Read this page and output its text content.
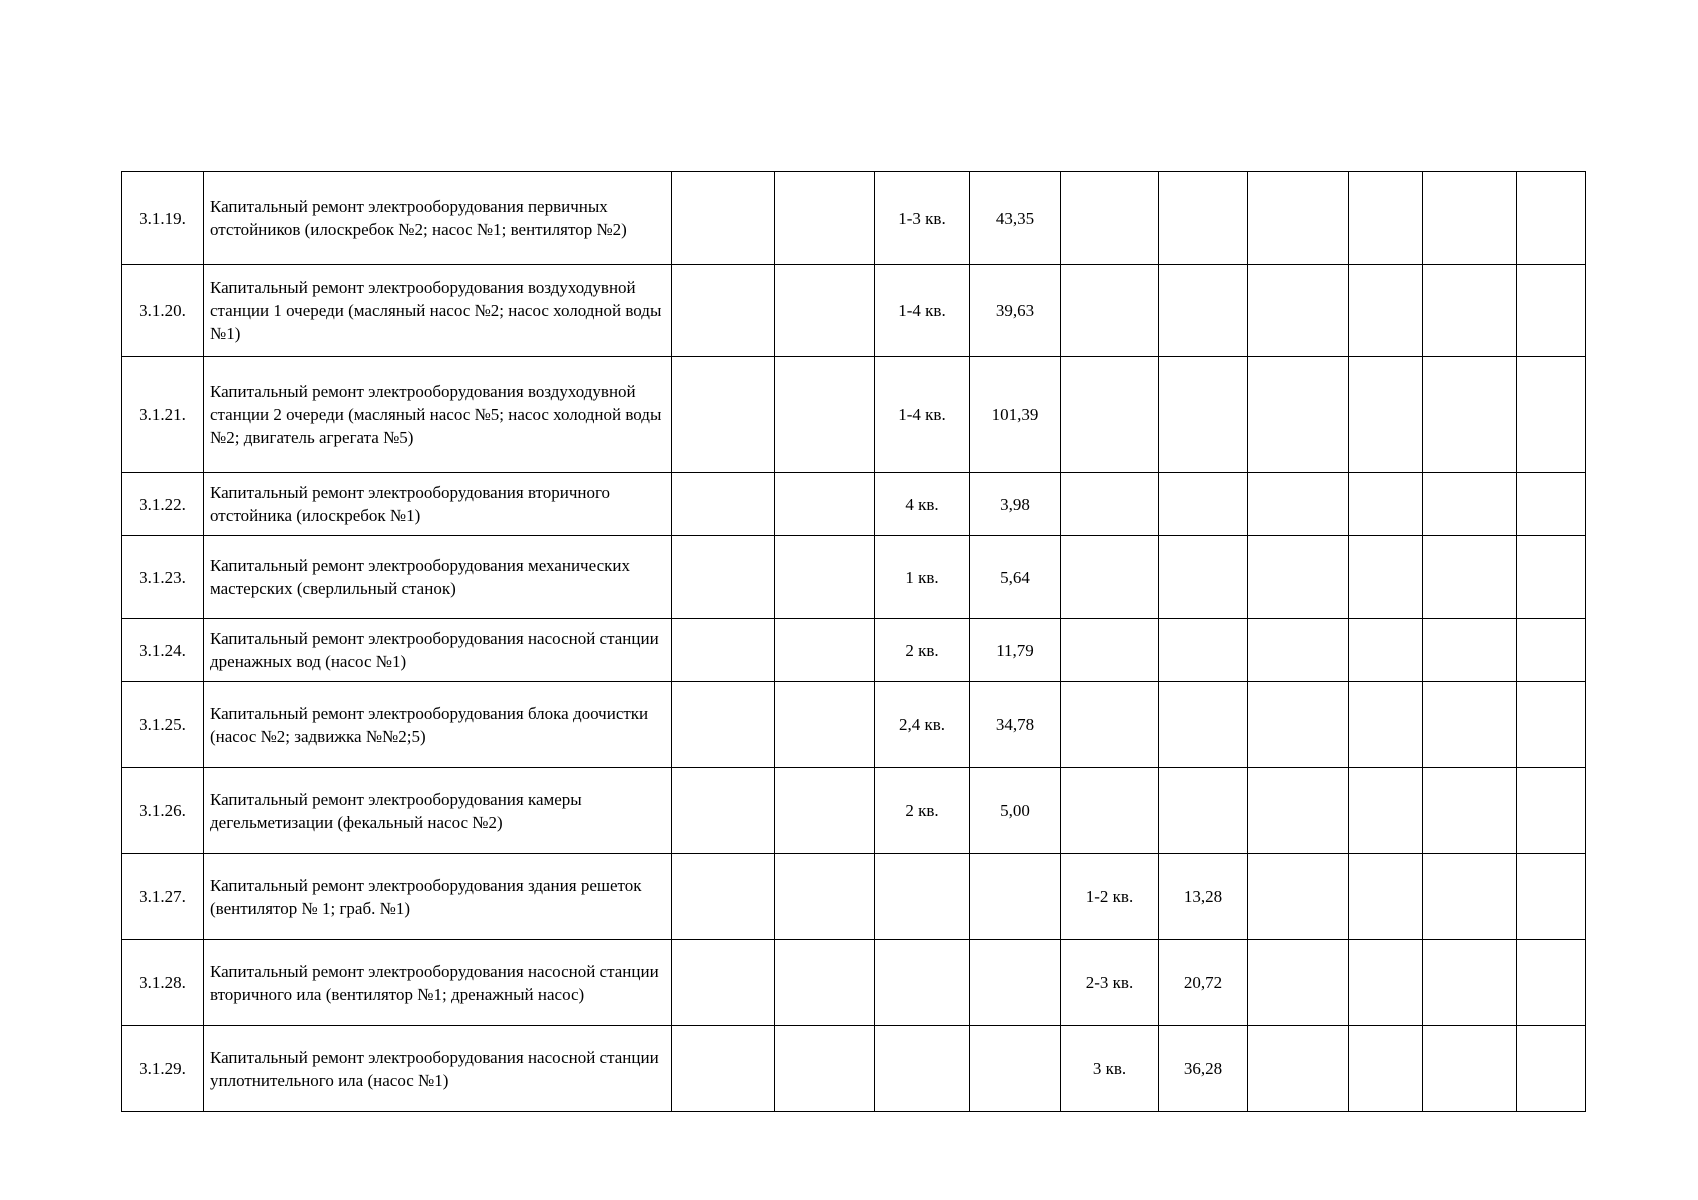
3.1.19.	Капитальный ремонт электрооборудования первичных отстойников (илоскребок №2; насос №1; вентилятор №2)			1-3 кв.	43,35						
3.1.20.	Капитальный ремонт электрооборудования воздуходувной станции 1 очереди (масляный насос №2; насос холодной воды №1)			1-4 кв.	39,63						
3.1.21.	Капитальный ремонт электрооборудования воздуходувной станции 2 очереди (масляный насос №5; насос холодной воды №2; двигатель агрегата №5)			1-4 кв.	101,39						
3.1.22.	Капитальный ремонт электрооборудования вторичного отстойника (илоскребок №1)			4 кв.	3,98						
3.1.23.	Капитальный ремонт электрооборудования механических мастерских (сверлильный станок)			1 кв.	5,64						
3.1.24.	Капитальный ремонт электрооборудования насосной станции дренажных вод (насос №1)			2 кв.	11,79						
3.1.25.	Капитальный ремонт электрооборудования блока доочистки (насос №2; задвижка №№2;5)			2,4 кв.	34,78						
3.1.26.	Капитальный ремонт электрооборудования камеры дегельметизации (фекальный насос №2)			2 кв.	5,00						
3.1.27.	Капитальный ремонт электрооборудования здания решеток (вентилятор № 1; граб. №1)					1-2 кв.	13,28				
3.1.28.	Капитальный ремонт электрооборудования насосной станции вторичного ила (вентилятор №1; дренажный насос)					2-3 кв.	20,72				
3.1.29.	Капитальный ремонт электрооборудования насосной станции уплотнительного ила (насос №1)					3 кв.	36,28				
